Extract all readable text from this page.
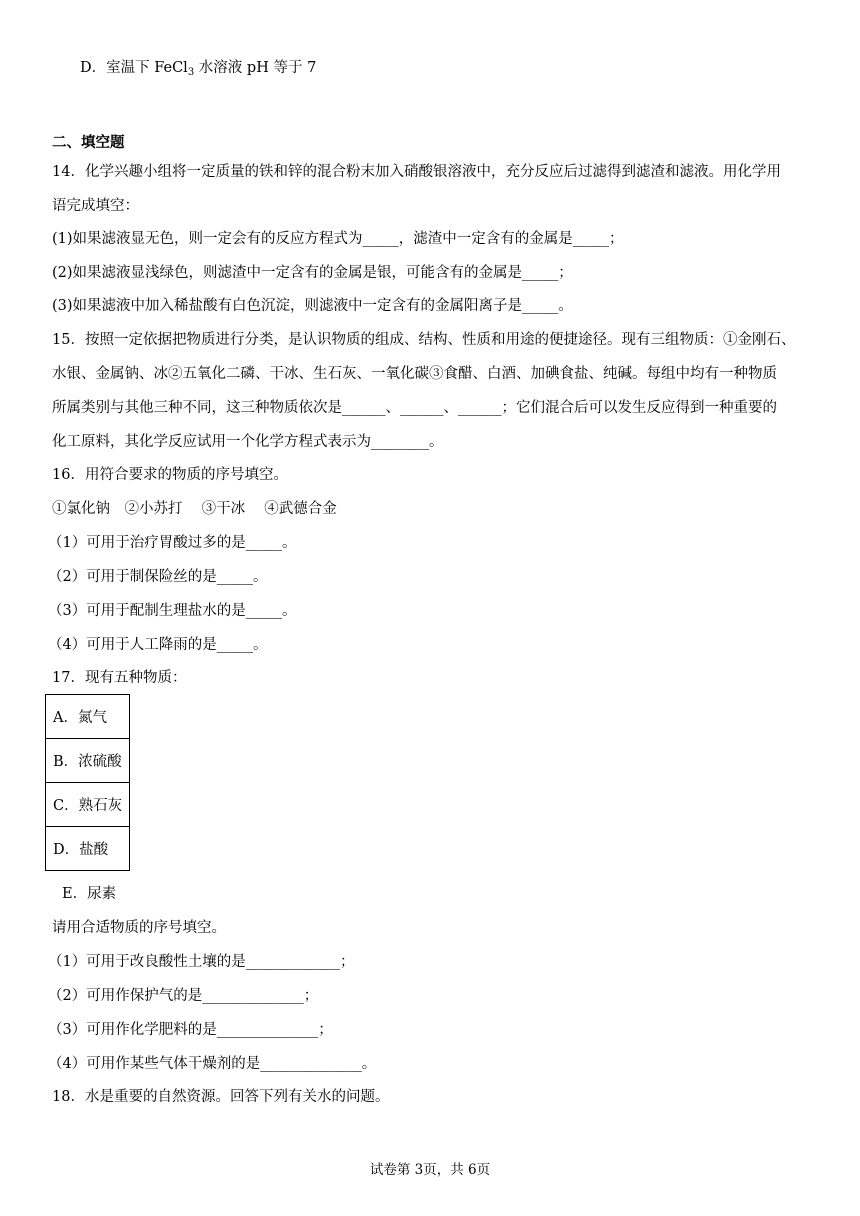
D．室温下 FeCl$_3$ 水溶液 pH 等于 7
二、填空题
14．化学兴趣小组将一定质量的铁和锌的混合粉末加入硝酸银溶液中，充分反应后过滤得到滤渣和滤液。用化学用
语完成填空：
(1)如果滤液显无色，则一定会有的反应方程式为_____，滤渣中一定含有的金属是_____；
(2)如果滤液显浅绿色，则滤渣中一定含有的金属是银，可能含有的金属是_____；
(3)如果滤液中加入稀盐酸有白色沉淀，则滤液中一定含有的金属阳离子是_____。
15．按照一定依据把物质进行分类，是认识物质的组成、结构、性质和用途的便捷途径。现有三组物质：①金刚石、
水银、金属钠、冰②五氧化二磷、干冰、生石灰、一氧化碳③食醋、白酒、加碘食盐、纯碱。每组中均有一种物质
所属类别与其他三种不同，这三种物质依次是______、______、______；它们混合后可以发生反应得到一种重要的
化工原料，其化学反应试用一个化学方程式表示为________。
16．用符合要求的物质的序号填空。
①氯化钠　②小苏打　 ③干冰　 ④武德合金
（1）可用于治疗胃酸过多的是_____。
（2）可用于制保险丝的是_____。
（3）可用于配制生理盐水的是_____。
（4）可用于人工降雨的是_____。
17．现有五种物质：
A．氮气
B．浓硫酸
C．熟石灰
D．盐酸
E．尿素
请用合适物质的序号填空。
（1）可用于改良酸性土壤的是_____________；
（2）可用作保护气的是______________；
（3）可用作化学肥料的是______________；
（4）可用作某些气体干燥剂的是______________。
18．水是重要的自然资源。回答下列有关水的问题。
试卷第 3页，共 6页
